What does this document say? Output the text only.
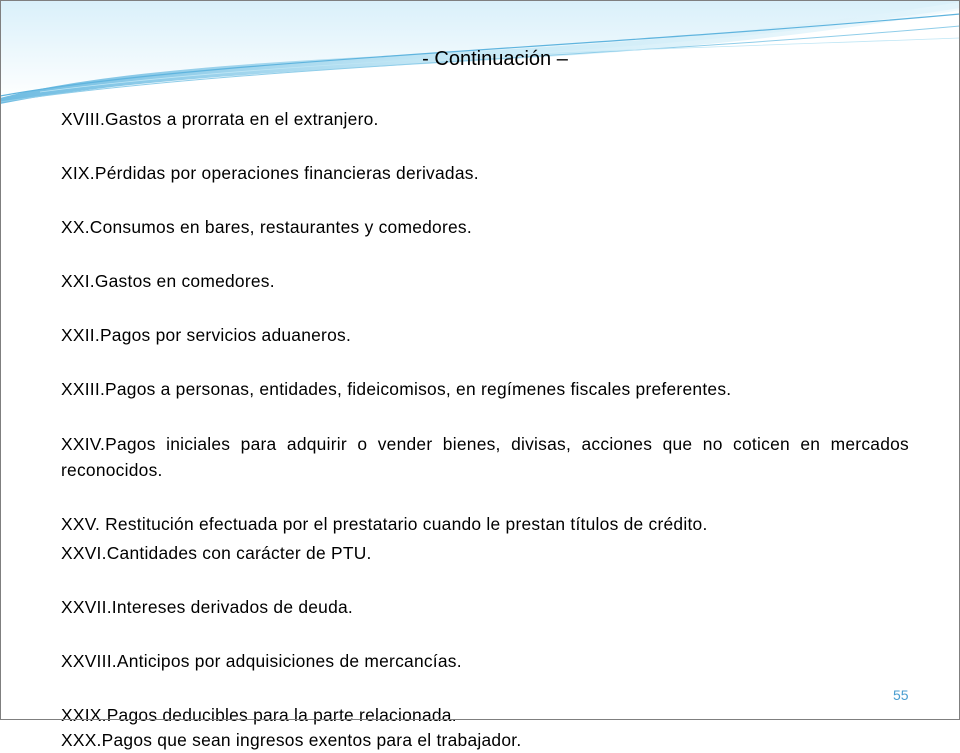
- Continuación –

XVIII.Gastos a prorrata en el extranjero.

XIX.Pérdidas por operaciones financieras derivadas.

XX.Consumos en bares, restaurantes y comedores.

XXI.Gastos en comedores.

XXII.Pagos por servicios aduaneros.

XXIII.Pagos a personas, entidades, fideicomisos, en regímenes fiscales preferentes.

XXIV.Pagos iniciales para adquirir o vender bienes, divisas, acciones que no coticen en mercados reconocidos.

XXV. Restitución efectuada por el prestatario cuando le prestan títulos de crédito.

XXVI.Cantidades con carácter de PTU.

XXVII.Intereses derivados de deuda.

XXVIII.Anticipos por adquisiciones de mercancías.

XXIX.Pagos deducibles para la parte relacionada.

XXX.Pagos que sean ingresos exentos para el trabajador.

55
